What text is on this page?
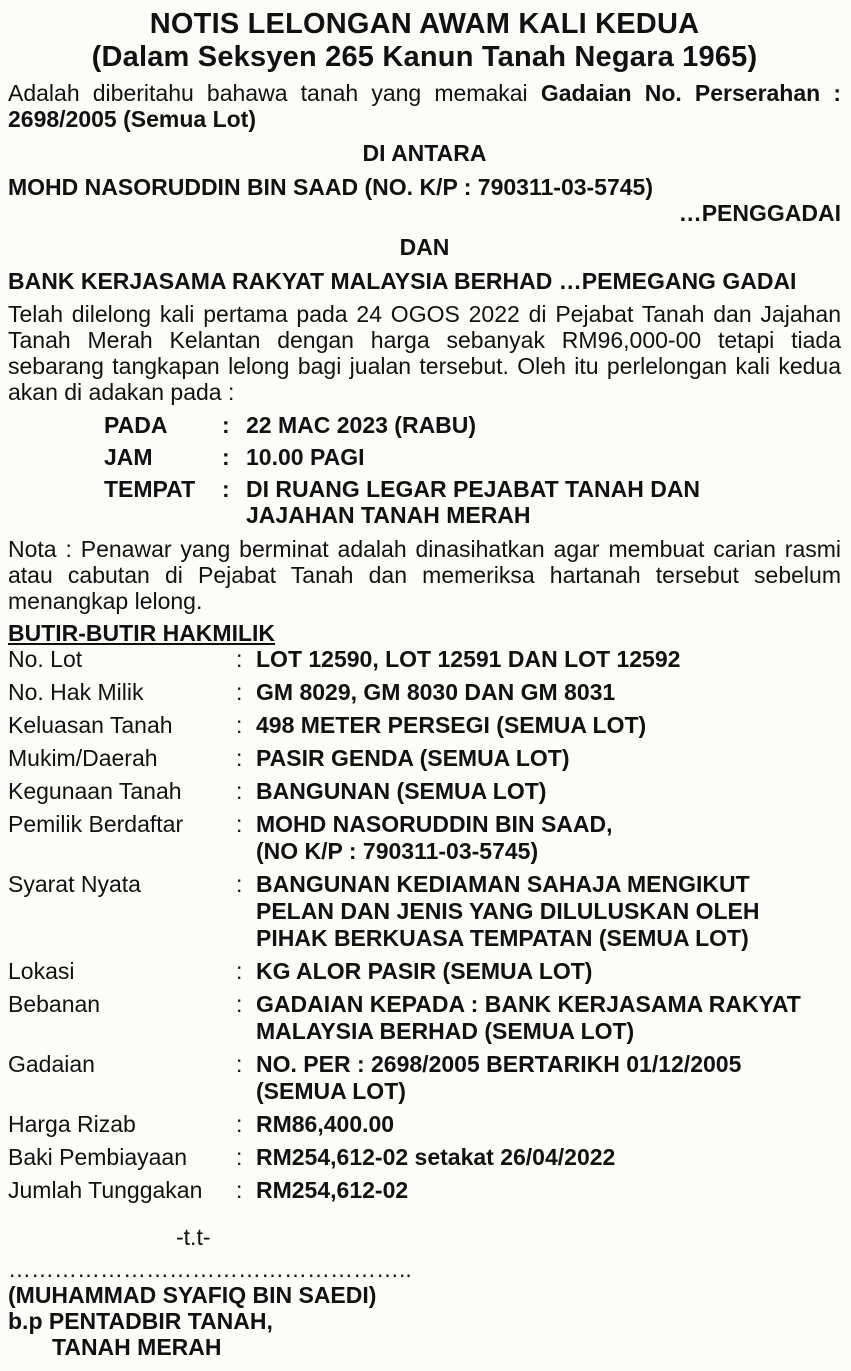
NOTIS LELONGAN AWAM KALI KEDUA
(Dalam Seksyen 265 Kanun Tanah Negara 1965)
Adalah diberitahu bahawa tanah yang memakai Gadaian No. Perserahan : 2698/2005 (Semua Lot)
DI ANTARA
MOHD NASORUDDIN BIN SAAD (NO. K/P : 790311-03-5745)
…PENGGADAI
DAN
BANK KERJASAMA RAKYAT MALAYSIA BERHAD …PEMEGANG GADAI
Telah dilelong kali pertama pada 24 OGOS 2022 di Pejabat Tanah dan Jajahan Tanah Merah Kelantan dengan harga sebanyak RM96,000-00 tetapi tiada sebarang tangkapan lelong bagi jualan tersebut. Oleh itu perlelongan kali kedua akan di adakan pada :
PADA	: 22 MAC 2023 (RABU)
JAM	: 10.00 PAGI
TEMPAT	: DI RUANG LEGAR PEJABAT TANAH DAN
JAJAHAN TANAH MERAH
Nota : Penawar yang berminat adalah dinasihatkan agar membuat carian rasmi atau cabutan di Pejabat Tanah dan memeriksa hartanah tersebut sebelum menangkap lelong.
BUTIR-BUTIR HAKMILIK
No. Lot	: LOT 12590, LOT 12591 DAN LOT 12592
No. Hak Milik	: GM 8029, GM 8030 DAN GM 8031
Keluasan Tanah	: 498 METER PERSEGI (SEMUA LOT)
Mukim/Daerah	: PASIR GENDA (SEMUA LOT)
Kegunaan Tanah	: BANGUNAN (SEMUA LOT)
Pemilik Berdaftar	: MOHD NASORUDDIN BIN SAAD,
(NO K/P : 790311-03-5745)
Syarat Nyata	: BANGUNAN KEDIAMAN SAHAJA MENGIKUT
PELAN DAN JENIS YANG DILULUSKAN OLEH
PIHAK BERKUASA TEMPATAN (SEMUA LOT)
Lokasi	: KG ALOR PASIR (SEMUA LOT)
Bebanan	: GADAIAN KEPADA : BANK KERJASAMA RAKYAT
MALAYSIA BERHAD (SEMUA LOT)
Gadaian	: NO. PER : 2698/2005 BERTARIKH 01/12/2005
(SEMUA LOT)
Harga Rizab	: RM86,400.00
Baki Pembiayaan	: RM254,612-02 setakat 26/04/2022
Jumlah Tunggakan	: RM254,612-02
-t.t-
……………………………………………..
(MUHAMMAD SYAFIQ BIN SAEDI)
b.p PENTADBIR TANAH,
TANAH MERAH
